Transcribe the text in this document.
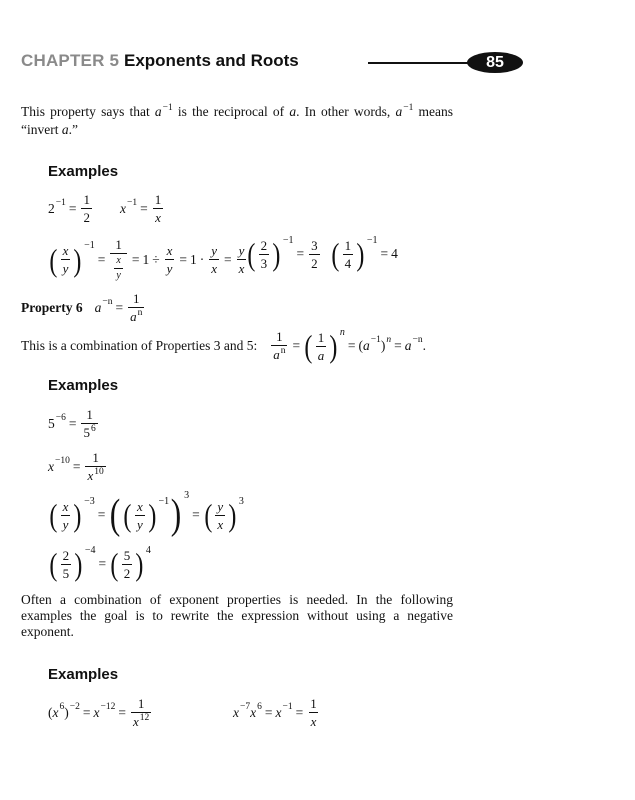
CHAPTER 5 Exponents and Roots	85
This property says that $a^{-1}$ is the reciprocal of a. In other words, $a^{-1}$ means “invert a.”
Examples
$2^{-1} = \frac{1}{2} x^{-1} = \frac{1}{x}$
( $\frac{x}{y}$ ) −1
= $\frac{1}{\frac{x}{y}} = 1 \div \frac{x}{y} = 1 \cdot \frac{y}{x} = \frac{y}{x}$ ( $\frac{2}{3}$ ) −1
= $\frac{3}{2}$ ( $\frac{1}{4}$ ) −1
= 4
Property 6 $a^{-n} = \frac{1}{a^n}$
This is a combination of Properties 3 and 5: $\frac{1}{a^n}$ = ( $\frac{1}{a}$ ) n
= ( $a^{-1}$ ) $^n = a^{-n}$ .
Examples
$5^{-6} = \frac{1}{5^6}$
$x^{-10} = \frac{1}{x^{10}}$
( $\frac{x}{y}$ ) −3
= ( ( $\frac{x}{y}$ ) −1 ) 3
= ( $\frac{y}{x}$ ) 3
( $\frac{2}{5}$ ) −4
= ( $\frac{5}{2}$ ) 4
Often a combination of exponent properties is needed. In the following examples the goal is to rewrite the expression without using a negative exponent.
Examples
( $x^6$ )$^{-2} = x^{-12} = \frac{1}{x^{12}}$	$x^{-7}$ $x^6 = x^{-1} = \frac{1}{x}$
